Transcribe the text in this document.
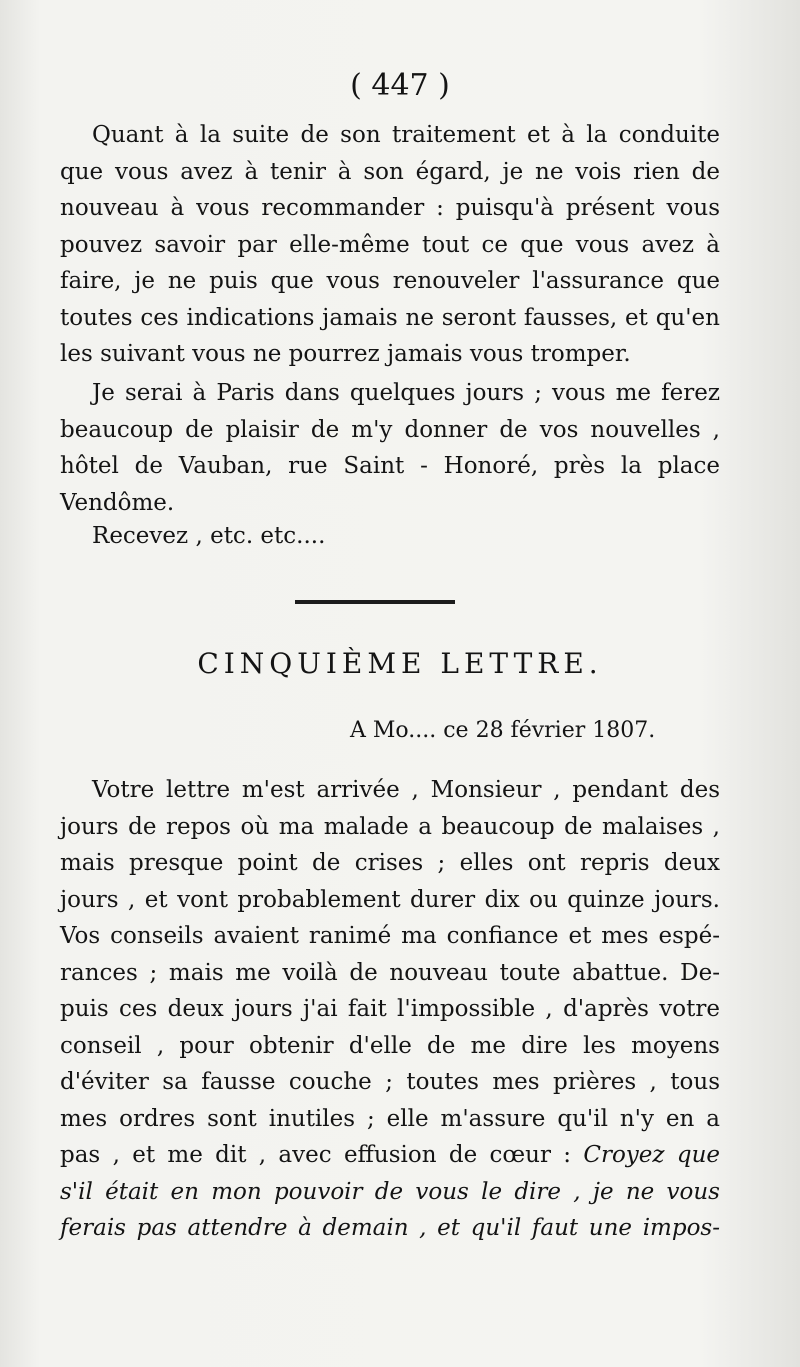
( 447 )
Quant à la suite de son traitement et à la conduite
que vous avez à tenir à son égard, je ne vois rien de
nouveau à vous recommander : puisqu'à présent vous
pouvez savoir par elle-même tout ce que vous avez à
faire, je ne puis que vous renouveler l'assurance que
toutes ces indications jamais ne seront fausses, et qu'en
les suivant vous ne pourrez jamais vous tromper.
Je serai à Paris dans quelques jours ; vous me ferez
beaucoup de plaisir de m'y donner de vos nouvelles ,
hôtel de Vauban, rue Saint - Honoré, près la place
Vendôme.
Recevez , etc. etc....
CINQUIÈME LETTRE.
A Mo.... ce 28 février 1807.
Votre lettre m'est arrivée , Monsieur , pendant des
jours de repos où ma malade a beaucoup de malaises ,
mais presque point de crises ; elles ont repris deux
jours , et vont probablement durer dix ou quinze jours.
Vos conseils avaient ranimé ma confiance et mes espé-
rances ; mais me voilà de nouveau toute abattue. De-
puis ces deux jours j'ai fait l'impossible , d'après votre
conseil , pour obtenir d'elle de me dire les moyens
d'éviter sa fausse couche ; toutes mes prières , tous
mes ordres sont inutiles ; elle m'assure qu'il n'y en a
pas , et me dit , avec effusion de cœur : Croyez que
s'il était en mon pouvoir de vous le dire , je ne vous
ferais pas attendre à demain , et qu'il faut une impos-
